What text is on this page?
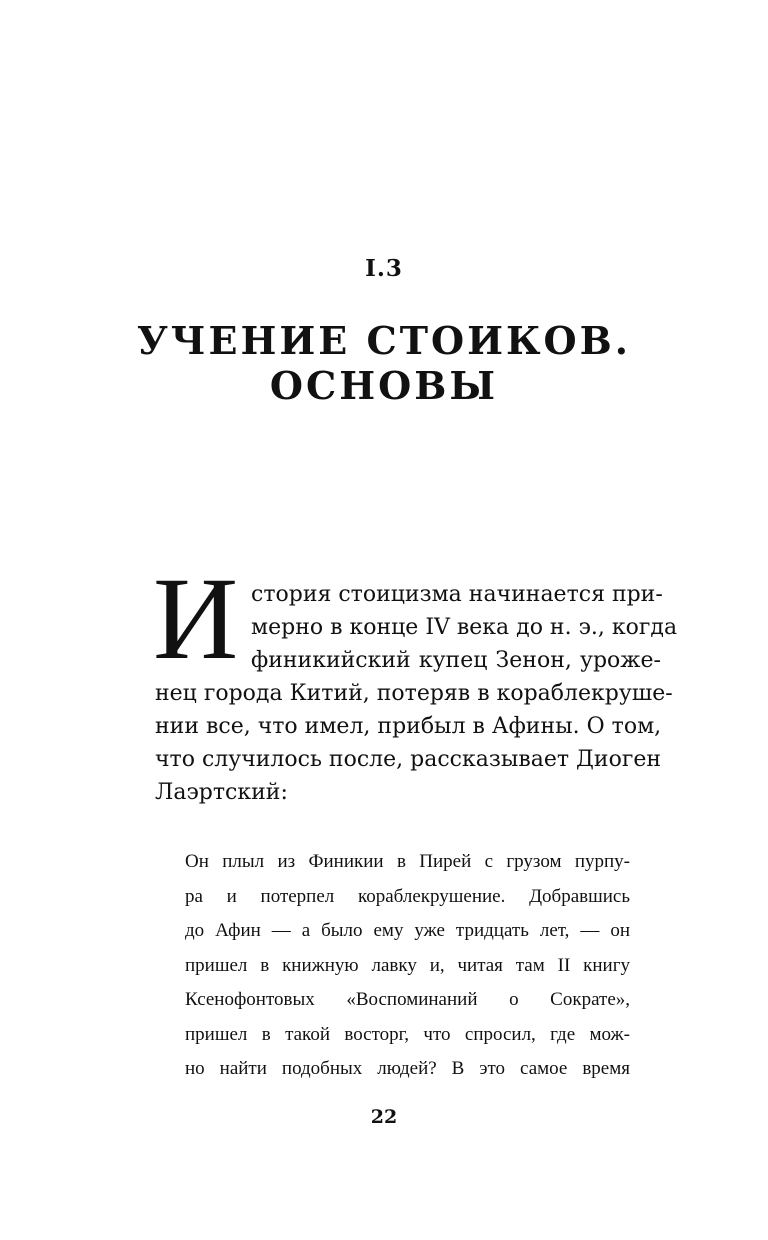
I.3
УЧЕНИЕ СТОИКОВ.
ОСНОВЫ
И стория стоицизма начинается при-
мерно в конце IV века до н. э., когда
финикийский купец Зенон, уроже-
нец города Китий, потеряв в кораблекруше-
нии все, что имел, прибыл в Афины. О том,
что случилось после, рассказывает Диоген
Лаэртский:
Он плыл из Финикии в Пирей с грузом пурпу-
ра и потерпел кораблекрушение. Добравшись
до Афин — а было ему уже тридцать лет, — он
пришел в книжную лавку и, читая там II книгу
Ксенофонтовых «Воспоминаний о Сократе»,
пришел в такой восторг, что спросил, где мож-
но найти подобных людей? В это самое время
22
